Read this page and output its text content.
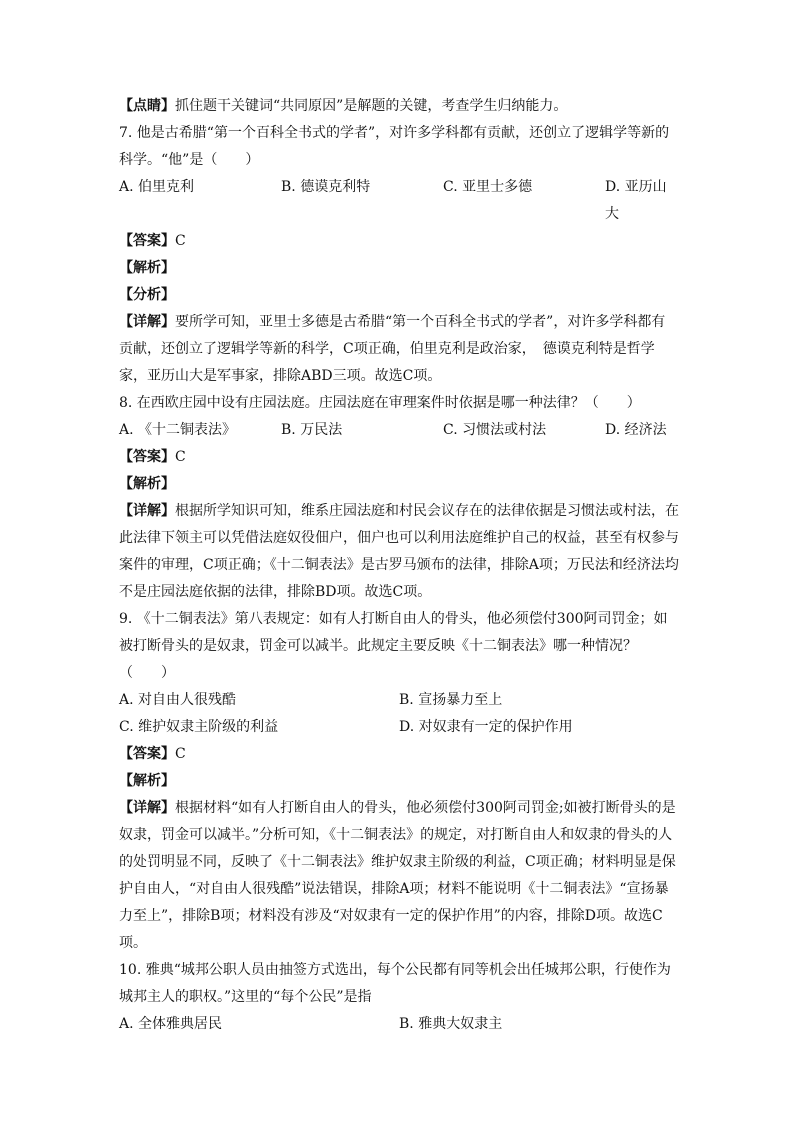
【点睛】抓住题干关键词“共同原因”是解题的关键，考查学生归纳能力。

7. 他是古希腊“第一个百科全书式的学者”，对许多学科都有贡献，还创立了逻辑学等新的科学。“他”是（　　）

A. 伯里克利	B. 德谟克利特	C. 亚里士多德	D. 亚历山大

【答案】C

【解析】

【分析】

【详解】要所学可知，亚里士多德是古希腊“第一个百科全书式的学者”，对许多学科都有贡献，还创立了逻辑学等新的科学，C项正确，伯里克利是政治家，　德谟克利特是哲学家，亚历山大是军事家，排除ABD三项。故选C项。

8. 在西欧庄园中设有庄园法庭。庄园法庭在审理案件时依据是哪一种法律？（　　）

A. 《十二铜表法》	B. 万民法	C. 习惯法或村法	D. 经济法

【答案】C

【解析】

【详解】根据所学知识可知，维系庄园法庭和村民会议存在的法律依据是习惯法或村法，在此法律下领主可以凭借法庭奴役佃户，佃户也可以利用法庭维护自己的权益，甚至有权参与案件的审理，C项正确；《十二铜表法》是古罗马颁布的法律，排除A项；万民法和经济法均不是庄园法庭依据的法律，排除BD项。故选C项。

9. 《十二铜表法》第八表规定：如有人打断自由人的骨头，他必须偿付300阿司罚金；如被打断骨头的是奴隶，罚金可以减半。此规定主要反映《十二铜表法》哪一种情况？（　　）

A. 对自由人很残酷	B. 宣扬暴力至上
C. 维护奴隶主阶级的利益	D. 对奴隶有一定的保护作用

【答案】C

【解析】

【详解】根据材料“如有人打断自由人的骨头，他必须偿付300阿司罚金;如被打断骨头的是奴隶，罚金可以减半。”分析可知，《十二铜表法》的规定，对打断自由人和奴隶的骨头的人的处罚明显不同，反映了《十二铜表法》维护奴隶主阶级的利益，C项正确；材料明显是保护自由人，“对自由人很残酷”说法错误，排除A项；材料不能说明《十二铜表法》“宣扬暴力至上”，排除B项；材料没有涉及“对奴隶有一定的保护作用”的内容，排除D项。故选C项。

10. 雅典“城邦公职人员由抽签方式选出，每个公民都有同等机会出任城邦公职，行使作为城邦主人的职权。”这里的“每个公民”是指

A. 全体雅典居民	B. 雅典大奴隶主
